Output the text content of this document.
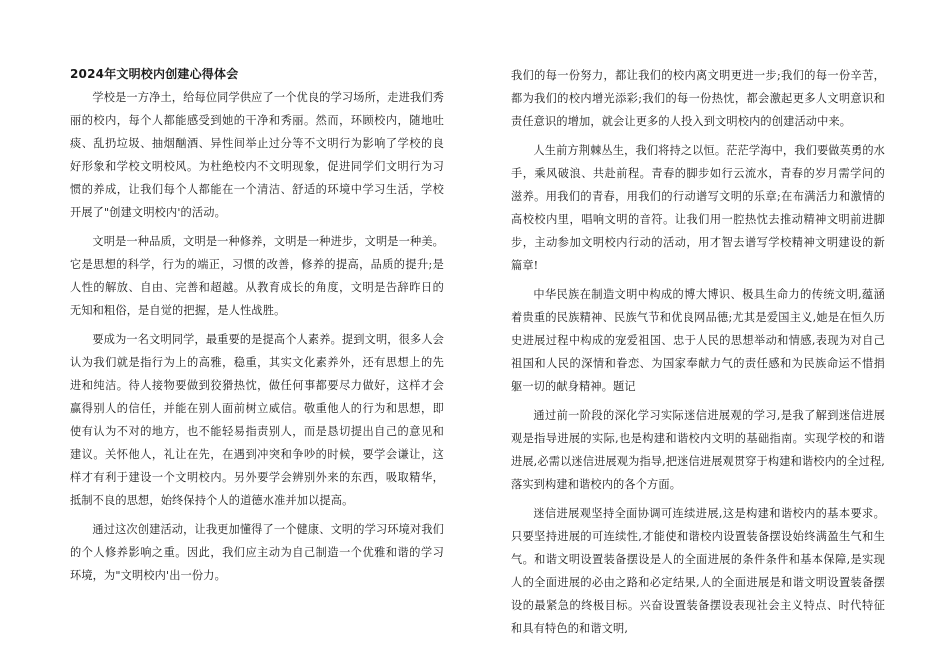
2024年文明校内创建心得体会

学校是一方净土，给每位同学供应了一个优良的学习场所，走进我们秀丽的校内，每个人都能感受到她的干净和秀丽。然而，环顾校内，随地吐痰、乱扔垃圾、抽烟酗酒、异性间举止过分等不文明行为影响了学校的良好形象和学校文明校风。为杜绝校内不文明现象，促进同学们文明行为习惯的养成，让我们每个人都能在一个清洁、舒适的环境中学习生活，学校开展了"创建文明校内'的活动。

文明是一种品质，文明是一种修养，文明是一种进步，文明是一种美。它是思想的科学，行为的端正，习惯的改善，修养的提高，品质的提升;是人性的解放、自由、完善和超越。从教育成长的角度，文明是告辞昨日的无知和粗俗，是自觉的把握，是人性战胜。

要成为一名文明同学，最重要的是提高个人素养。提到文明，很多人会认为我们就是指行为上的高雅，稳重，其实文化素养外，还有思想上的先进和纯洁。待人接物要做到狡猾热忱，做任何事都要尽力做好，这样才会赢得别人的信任，并能在别人面前树立威信。敬重他人的行为和思想，即使有认为不对的地方，也不能轻易指责别人，而是恳切提出自己的意见和建议。关怀他人，礼让在先，在遇到冲突和争吵的时候，要学会谦让，这样才有利于建设一个文明校内。另外要学会辨别外来的东西，吸取精华，抵制不良的思想，始终保持个人的道德水准并加以提高。

通过这次创建活动，让我更加懂得了一个健康、文明的学习环境对我们的个人修养影响之重。因此，我们应主动为自己制造一个优雅和谐的学习环境，为"文明校内'出一份力。

我们的每一份努力，都让我们的校内离文明更进一步;我们的每一份辛苦，都为我们的校内增光添彩;我们的每一份热忱，都会激起更多人文明意识和责任意识的增加，就会让更多的人投入到文明校内的创建活动中来。

人生前方荆棘丛生，我们将持之以恒。茫茫学海中，我们要做英勇的水手，乘风破浪、共赴前程。青春的脚步如行云流水，青春的岁月需学问的滋养。用我们的青春，用我们的行动谱写文明的乐章;在布满活力和激情的高校校内里，唱响文明的音符。让我们用一腔热忱去推动精神文明前进脚步，主动参加文明校内行动的活动，用才智去谱写学校精神文明建设的新篇章!

中华民族在制造文明中构成的博大博识、极具生命力的传统文明,蕴涵着贵重的民族精神、民族气节和优良网品德;尤其是爱国主义,她是在恒久历史进展过程中构成的宠爱祖国、忠于人民的思想举动和情感,表现为对自己祖国和人民的深情和眷恋、为国家奉献力气的责任感和为民族命运不惜捐躯一切的献身精神。题记

通过前一阶段的深化学习实际迷信进展观的学习,是我了解到迷信进展观是指导进展的实际,也是构建和谐校内文明的基础指南。实现学校的和谐进展,必需以迷信进展观为指导,把迷信进展观贯穿于构建和谐校内的全过程,落实到构建和谐校内的各个方面。

迷信进展观坚持全面协调可连续进展,这是构建和谐校内的基本要求。只要坚持进展的可连续性,才能使和谐校内设置装备摆设始终满盈生气和生气。和谐文明设置装备摆设是人的全面进展的条件条件和基本保障,是实现人的全面进展的必由之路和必定结果,人的全面进展是和谐文明设置装备摆设的最紧急的终极目标。兴奋设置装备摆设表现社会主义特点、时代特征和具有特色的和谐文明,
